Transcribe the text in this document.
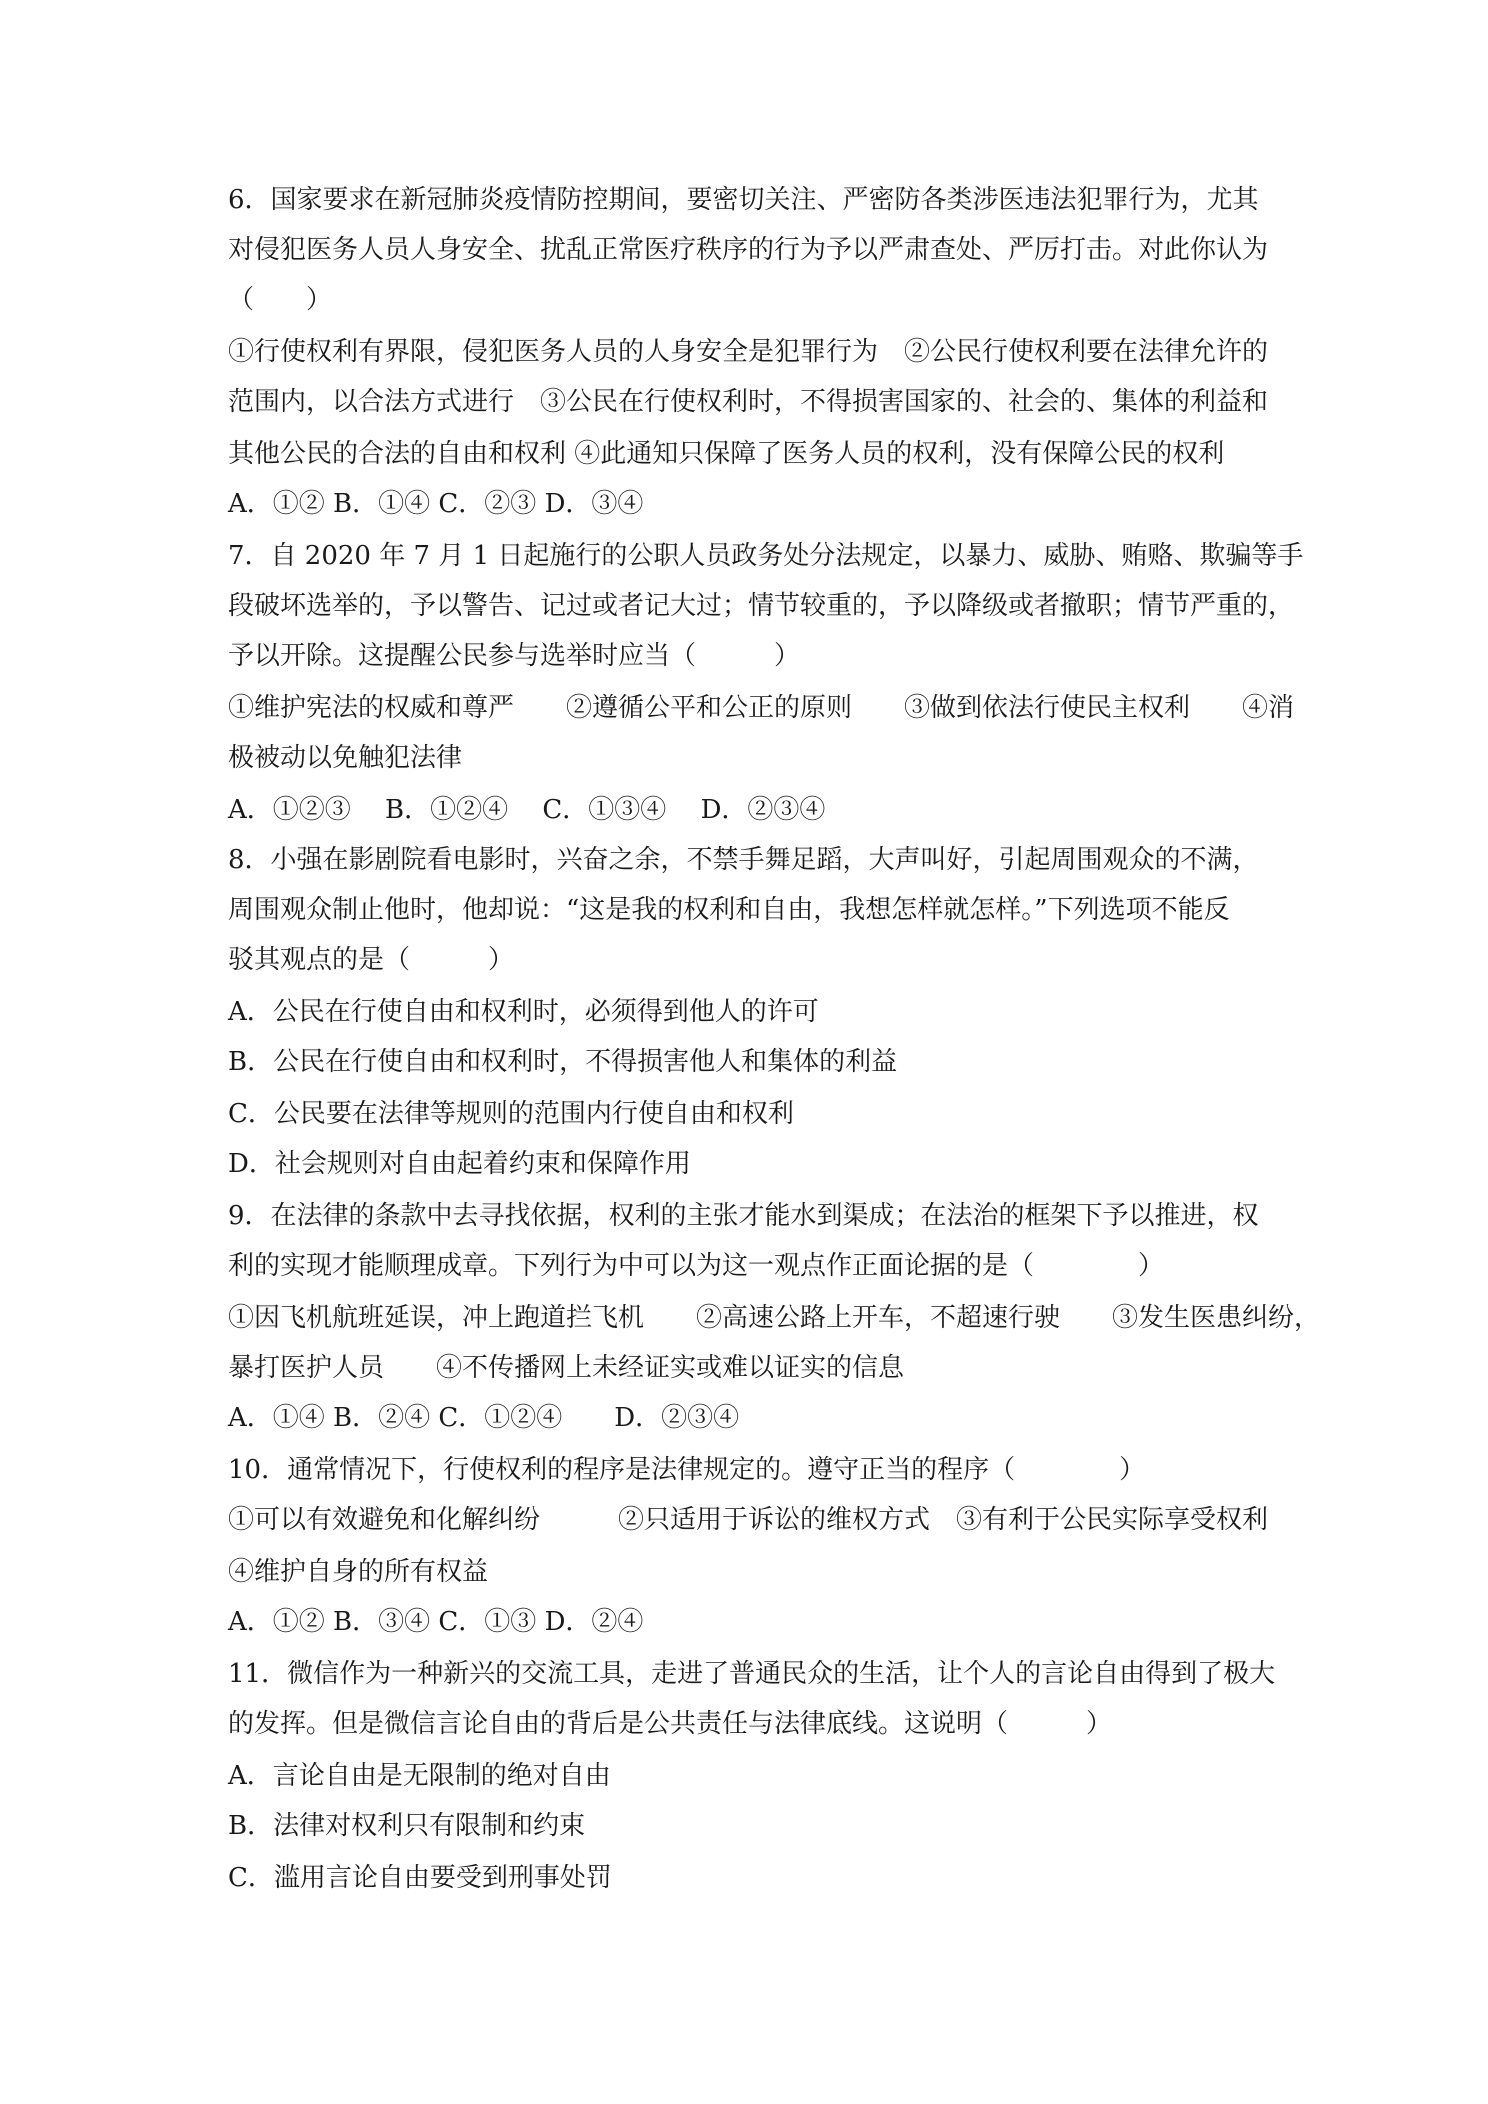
6．国家要求在新冠肺炎疫情防控期间，要密切关注、严密防各类涉医违法犯罪行为，尤其
对侵犯医务人员人身安全、扰乱正常医疗秩序的行为予以严肃查处、严厉打击。对此你认为
（　　）
①行使权利有界限，侵犯医务人员的人身安全是犯罪行为　②公民行使权利要在法律允许的
范围内，以合法方式进行　③公民在行使权利时，不得损害国家的、社会的、集体的利益和
其他公民的合法的自由和权利 ④此通知只保障了医务人员的权利，没有保障公民的权利
A．①② B．①④ C．②③ D．③④
7．自 2020 年 7 月 1 日起施行的公职人员政务处分法规定，以暴力、威胁、贿赂、欺骗等手
段破坏选举的，予以警告、记过或者记大过；情节较重的，予以降级或者撤职；情节严重的，
予以开除。这提醒公民参与选举时应当（　　　）
①维护宪法的权威和尊严　　②遵循公平和公正的原则　　③做到依法行使民主权利　　④消
极被动以免触犯法律
A．①②③　 B．①②④　 C．①③④　 D．②③④
8．小强在影剧院看电影时，兴奋之余，不禁手舞足蹈，大声叫好，引起周围观众的不满，
周围观众制止他时，他却说：“这是我的权利和自由，我想怎样就怎样。”下列选项不能反
驳其观点的是（　　　）
A．公民在行使自由和权利时，必须得到他人的许可
B．公民在行使自由和权利时，不得损害他人和集体的利益
C．公民要在法律等规则的范围内行使自由和权利
D．社会规则对自由起着约束和保障作用
9．在法律的条款中去寻找依据，权利的主张才能水到渠成；在法治的框架下予以推进，权
利的实现才能顺理成章。下列行为中可以为这一观点作正面论据的是（　　　　）
①因飞机航班延误，冲上跑道拦飞机　　②高速公路上开车，不超速行驶　　③发生医患纠纷，
暴打医护人员　　④不传播网上未经证实或难以证实的信息
A．①④ B．②④ C．①②④　　D．②③④
10．通常情况下，行使权利的程序是法律规定的。遵守正当的程序（　　　　）
①可以有效避免和化解纠纷　　　②只适用于诉讼的维权方式　③有利于公民实际享受权利
④维护自身的所有权益
A．①② B．③④ C．①③ D．②④
11．微信作为一种新兴的交流工具，走进了普通民众的生活，让个人的言论自由得到了极大
的发挥。但是微信言论自由的背后是公共责任与法律底线。这说明（　　　）
A．言论自由是无限制的绝对自由
B．法律对权利只有限制和约束
C．滥用言论自由要受到刑事处罚
